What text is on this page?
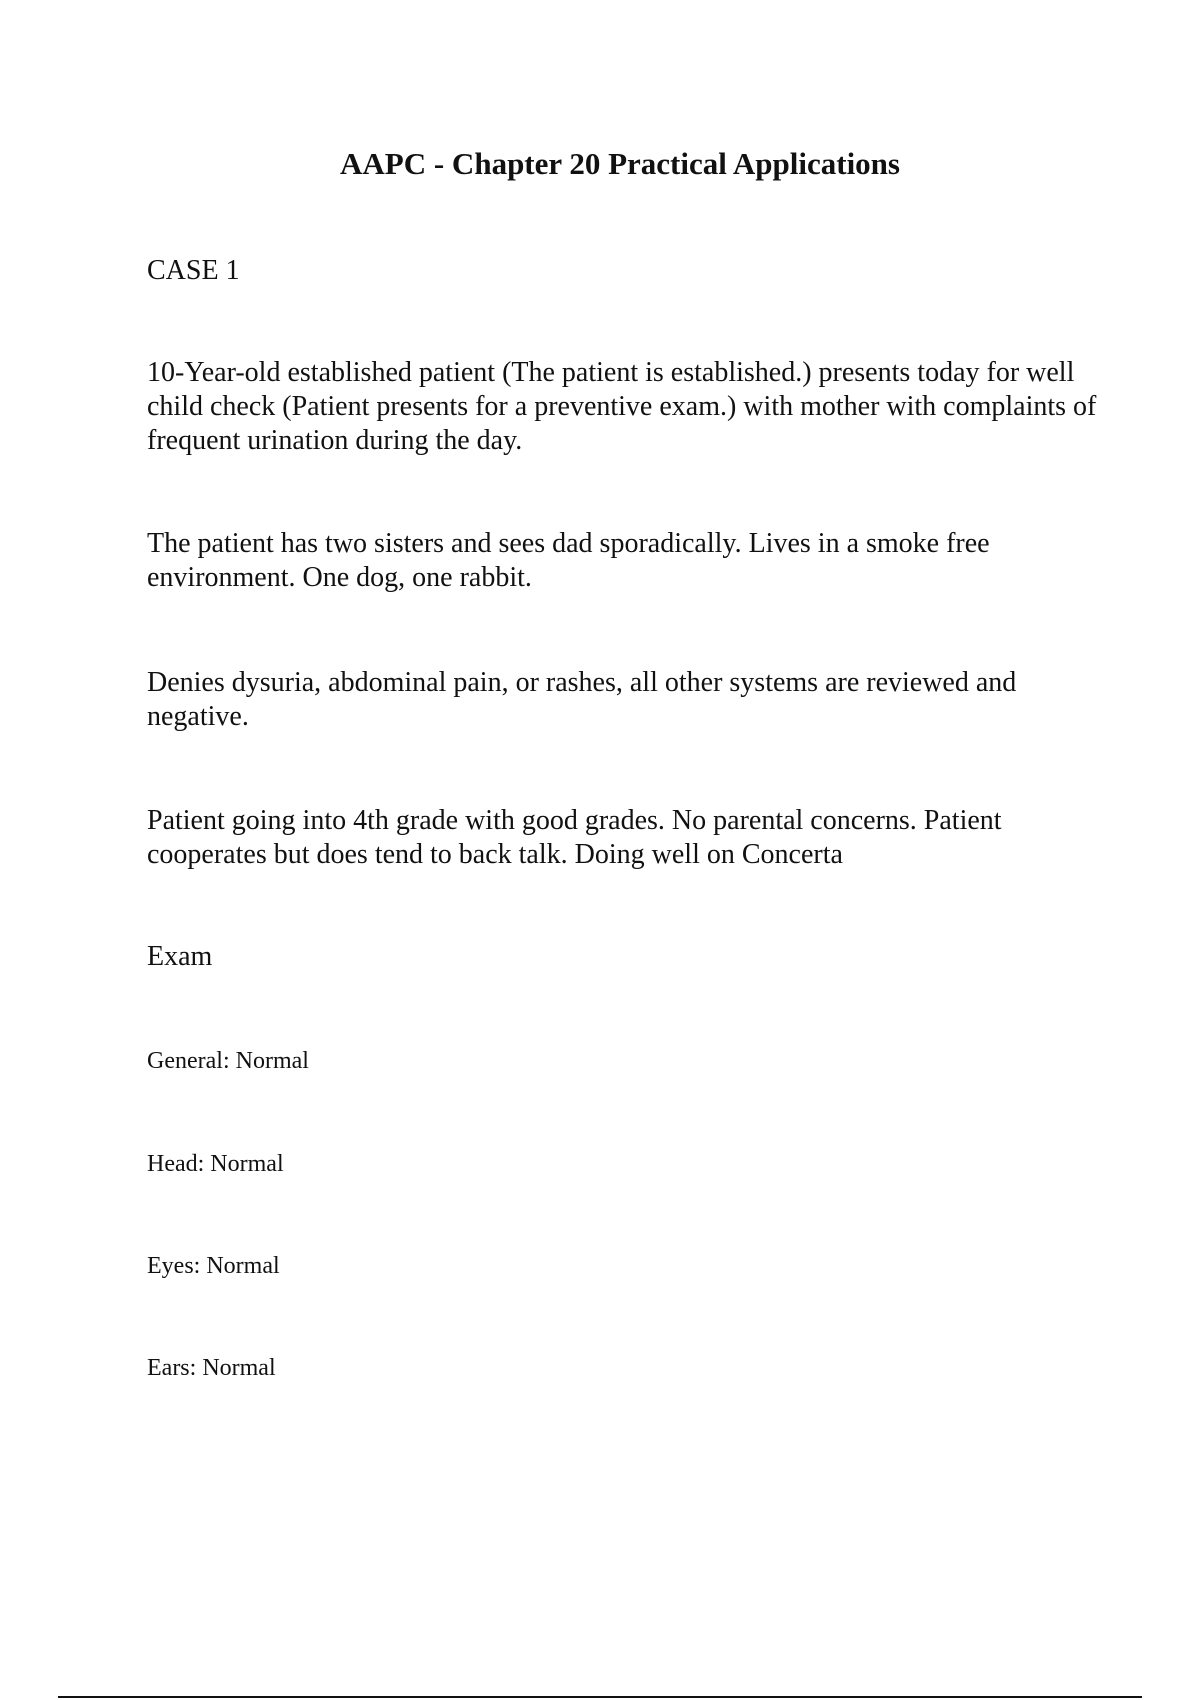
AAPC - Chapter 20 Practical Applications

CASE 1

10-Year-old established patient (The patient is established.) presents today for well child check (Patient presents for a preventive exam.) with mother with complaints of frequent urination during the day.

The patient has two sisters and sees dad sporadically. Lives in a smoke free environment. One dog, one rabbit.

Denies dysuria, abdominal pain, or rashes, all other systems are reviewed and negative.

Patient going into 4th grade with good grades. No parental concerns. Patient cooperates but does tend to back talk. Doing well on Concerta

Exam

General: Normal

Head: Normal

Eyes: Normal

Ears: Normal
